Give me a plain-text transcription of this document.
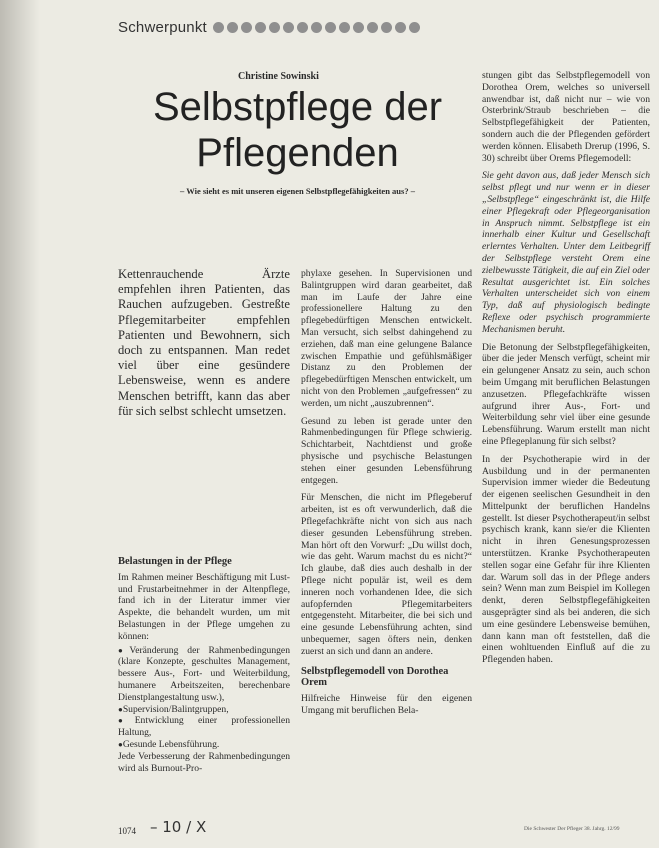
Schwerpunkt
Christine Sowinski
Selbstpflege der
Pflegenden
– Wie sieht es mit unseren eigenen Selbstpflegefähigkeiten aus? –
Kettenrauchende Ärzte empfehlen ihren Patienten, das Rauchen aufzugeben. Gestreßte Pflegemitarbeiter empfehlen Patienten und Bewohnern, sich doch zu entspannen. Man redet viel über eine gesündere Lebensweise, wenn es andere Menschen betrifft, kann das aber für sich selbst schlecht umsetzen.

Belastungen in der Pflege

Im Rahmen meiner Beschäftigung mit Lust- und Frustarbeitnehmer in der Altenpflege, fand ich in der Literatur immer vier Aspekte, die behandelt wurden, um mit Belastungen in der Pflege umgehen zu können:

● Veränderung der Rahmenbedingungen (klare Konzepte, geschultes Management, bessere Aus-, Fort- und Weiterbildung, humanere Arbeitszeiten, berechenbare Dienstplangestaltung usw.),
● Supervision/Balintgruppen,
● Entwicklung einer professionellen Haltung,
● Gesunde Lebensführung.

Jede Verbesserung der Rahmenbedingungen wird als Burnout-Pro-

phylaxe gesehen. In Supervisionen und Balintgruppen wird daran gearbeitet, daß man im Laufe der Jahre eine professionellere Haltung zu den pflegebedürftigen Menschen entwickelt. Man versucht, sich selbst dahingehend zu erziehen, daß man eine gelungene Balance zwischen Empathie und gefühlsmäßiger Distanz zu den Problemen der pflegebedürftigen Menschen entwickelt, um nicht von den Problemen „aufgefressen“ zu werden, um nicht „auszubrennen“.

Gesund zu leben ist gerade unter den Rahmenbedingungen für Pflege schwierig. Schichtarbeit, Nachtdienst und große physische und psychische Belastungen stehen einer gesunden Lebensführung entgegen.

Für Menschen, die nicht im Pflegeberuf arbeiten, ist es oft verwunderlich, daß die Pflegefachkräfte nicht von sich aus nach dieser gesunden Lebensführung streben. Man hört oft den Vorwurf: „Du willst doch, wie das geht. Warum machst du es nicht?“ Ich glaube, daß dies auch deshalb in der Pflege nicht populär ist, weil es dem inneren noch vorhandenen Idee, die sich aufopfernden Pflegemitarbeiters entgegensteht. Mitarbeiter, die bei sich und eine gesunde Lebensführung achten, sind unbequemer, sagen öfters nein, denken zuerst an sich und dann an andere.

Selbstpflegemodell von Dorothea Orem

Hilfreiche Hinweise für den eigenen Umgang mit beruflichen Bela-

stungen gibt das Selbstpflegemodell von Dorothea Orem, welches so universell anwendbar ist, daß nicht nur – wie von Osterbrink/Straub beschrieben – die Selbstpflegefähigkeit der Patienten, sondern auch die der Pflegenden gefördert werden können. Elisabeth Drerup (1996, S. 30) schreibt über Orems Pflegemodell:

Sie geht davon aus, daß jeder Mensch sich selbst pflegt und nur wenn er in dieser „Selbstpflege“ eingeschränkt ist, die Hilfe einer Pflegekraft oder Pflegeorganisation in Anspruch nimmt. Selbstpflege ist ein innerhalb einer Kultur und Gesellschaft erlerntes Verhalten. Unter dem Leitbegriff der Selbstpflege versteht Orem eine zielbewusste Tätigkeit, die auf ein Ziel oder Resultat ausgerichtet ist. Ein solches Verhalten unterscheidet sich von einem Typ, daß auf physiologisch bedingte Reflexe oder psychisch programmierte Mechanismen beruht.

Die Betonung der Selbstpflegefähigkeiten, über die jeder Mensch verfügt, scheint mir ein gelungener Ansatz zu sein, auch schon beim Umgang mit beruflichen Belastungen anzusetzen. Pflegefachkräfte wissen aufgrund ihrer Aus-, Fort- und Weiterbildung sehr viel über eine gesunde Lebensführung. Warum erstellt man nicht eine Pflegeplanung für sich selbst?

In der Psychotherapie wird in der Ausbildung und in der permanenten Supervision immer wieder die Bedeutung der eigenen seelischen Gesundheit in den Mittelpunkt der beruflichen Handelns gestellt. Ist dieser Psychotherapeut/in selbst psychisch krank, kann sie/er die Klienten nicht in ihren Genesungsprozessen unterstützen. Kranke Psychotherapeuten stellen sogar eine Gefahr für ihre Klienten dar. Warum soll das in der Pflege anders sein? Wenn man zum Beispiel im Kollegen denkt, deren Selbstpflegefähigkeiten ausgeprägter sind als bei anderen, die sich um eine gesündere Lebensweise bemühen, dann kann man oft feststellen, daß die einen wohltuenden Einfluß auf die zu Pflegenden haben.

1074 – 10 / X	Die Schwester Der Pfleger 38. Jahrg. 12/99
